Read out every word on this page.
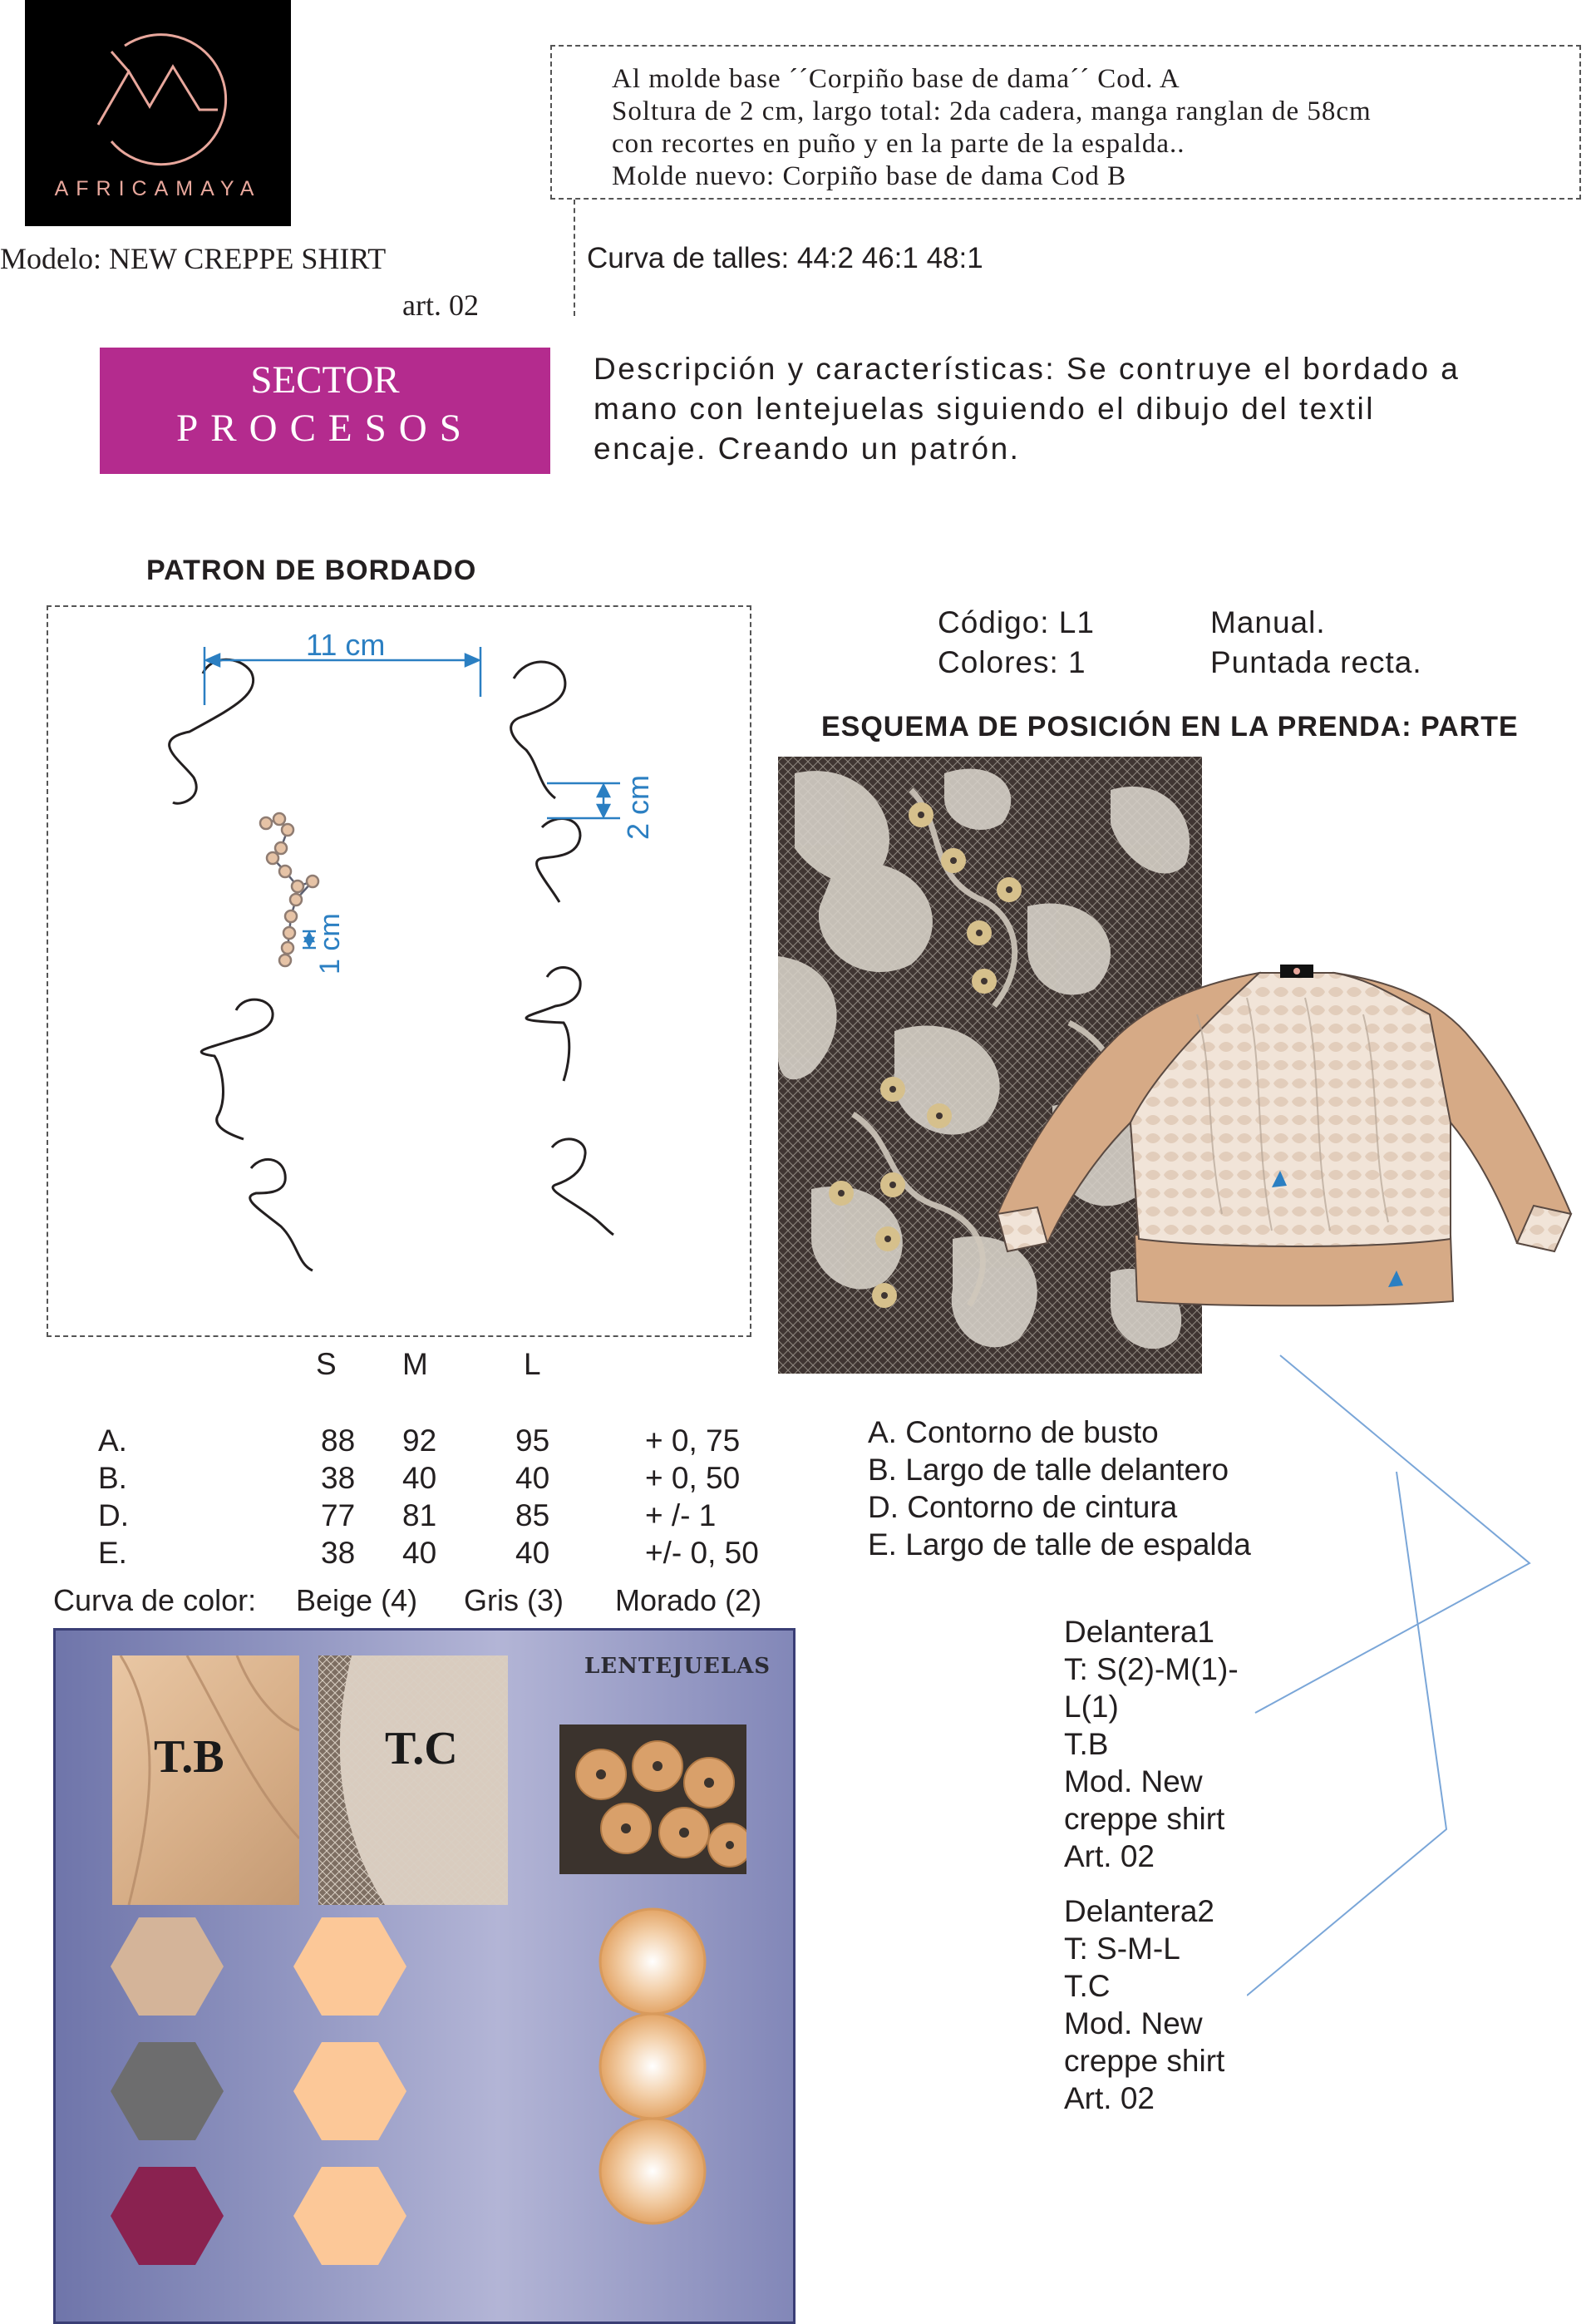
AFRICAMAYA
Al molde base ´´Corpiño base de dama´´ Cod. A
Soltura de 2 cm, largo total: 2da cadera, manga ranglan de 58cm
con recortes en puño y en la parte de la espalda..
Molde nuevo: Corpiño base de dama Cod B
Modelo: NEW CREPPE SHIRT
art. 02
Curva de talles: 44:2 46:1 48:1
SECTOR
PROCESOS
Descripción y características: Se contruye el bordado a
mano con lentejuelas siguiendo el dibujo del textil
encaje. Creando un patrón.
PATRON DE BORDADO
11 cm
2 cm
1 cm
Código: L1
Colores: 1
Manual.
Puntada recta.
ESQUEMA DE POSICIÓN EN LA PRENDA: PARTE
S M	L
A.
B.
D.
E.
88
38
77
38
92
40
81
40
95
40
85
40
+ 0, 75
+ 0, 50
+ /- 1
+/- 0, 50
A. Contorno de busto
B. Largo de talle delantero
D. Contorno de cintura
E. Largo de talle de espalda
Curva de color: Beige (4) Gris (3) Morado (2)
T.B	T.C
LENTEJUELAS
Delantera1
T: S(2)-M(1)-
L(1)
T.B
Mod. New
creppe shirt
Art. 02
Delantera2
T: S-M-L
T.C
Mod. New
creppe shirt
Art. 02
